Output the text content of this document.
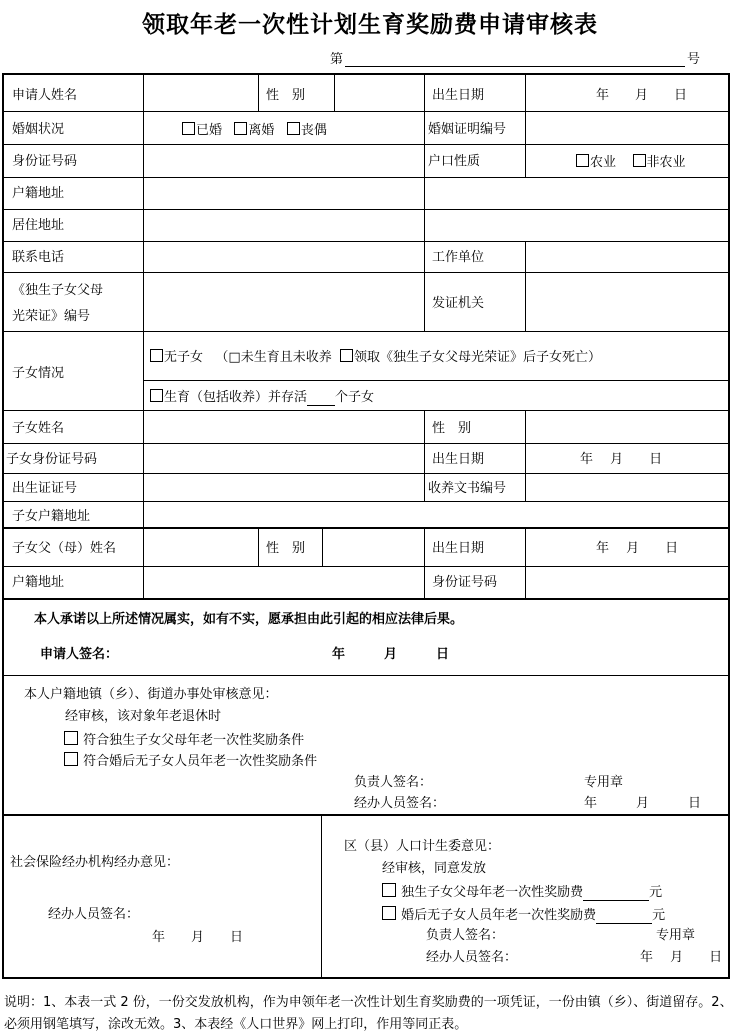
领取年老一次性计划生育奖励费申请审核表
第	号
申请人姓名	性　别	出生日期	年　　月　　日
婚姻状况	已婚 离婚 丧偶	婚姻证明编号
身份证号码	户口性质	农业 非农业
户籍地址
居住地址
联系电话	工作单位
《独生子女父母
光荣证》编号
发证机关
子女情况
无子女 （□未生育且未收养 领取《独生子女父母光荣证》后子女死亡）
生育（包括收养）并存活 个子女
子女姓名	性　别
子女身份证号码	出生日期	年　 月　　日
出生证证号	收养文书编号
子女户籍地址
子女父（母）姓名	性　别	出生日期	年　 月　　日
户籍地址	身份证号码
本人承诺以上所述情况属实，如有不实，愿承担由此引起的相应法律后果。
申请人签名：	年　　　月　　　日
本人户籍地镇（乡）、街道办事处审核意见：
经审核，该对象年老退休时
符合独生子女父母年老一次性奖励条件
符合婚后无子女人员年老一次性奖励条件
负责人签名：	专用章
经办人员签名：	年　　　月　　　日
社会保险经办机构经办意见：
经办人员签名：
年　　月　　日
区（县）人口计生委意见：
经审核，同意发放
独生子女父母年老一次性奖励费	元
婚后无子女人员年老一次性奖励费	元
负责人签名：	专用章
经办人员签名：	年　 月　　日
说明：1、本表一式 2 份，一份交发放机构，作为申领年老一次性计划生育奖励费的一项凭证，一份由镇（乡）、街道留存。2、必须用钢笔填写，涂改无效。3、本表经《人口世界》网上打印，作用等同正表。
